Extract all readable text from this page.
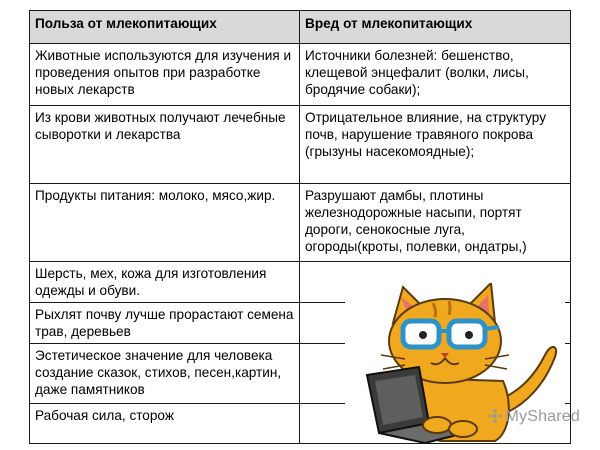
Польза от млекопитающих	Вред от млекопитающих
Животные используются для изучения и проведения опытов при разработке новых лекарств	Источники болезней: бешенство, клещевой энцефалит (волки, лисы, бродячие собаки);
Из крови животных получают лечебные сыворотки и лекарства	Отрицательное влияние, на структуру почв, нарушение травяного покрова (грызуны насекомоядные);
Продукты питания: молоко, мясо,жир.	Разрушают дамбы, плотины железнодорожные насыпи, портят дороги, сенокосные луга, огороды(кроты, полевки, ондатры,)
Шерсть, мех, кожа для изготовления одежды и обуви.	
Рыхлят почву лучше прорастают семена трав, деревьев	
Эстетическое значение для человека создание сказок, стихов, песен,картин, даже памятников	
Рабочая сила, сторож		MyShared
